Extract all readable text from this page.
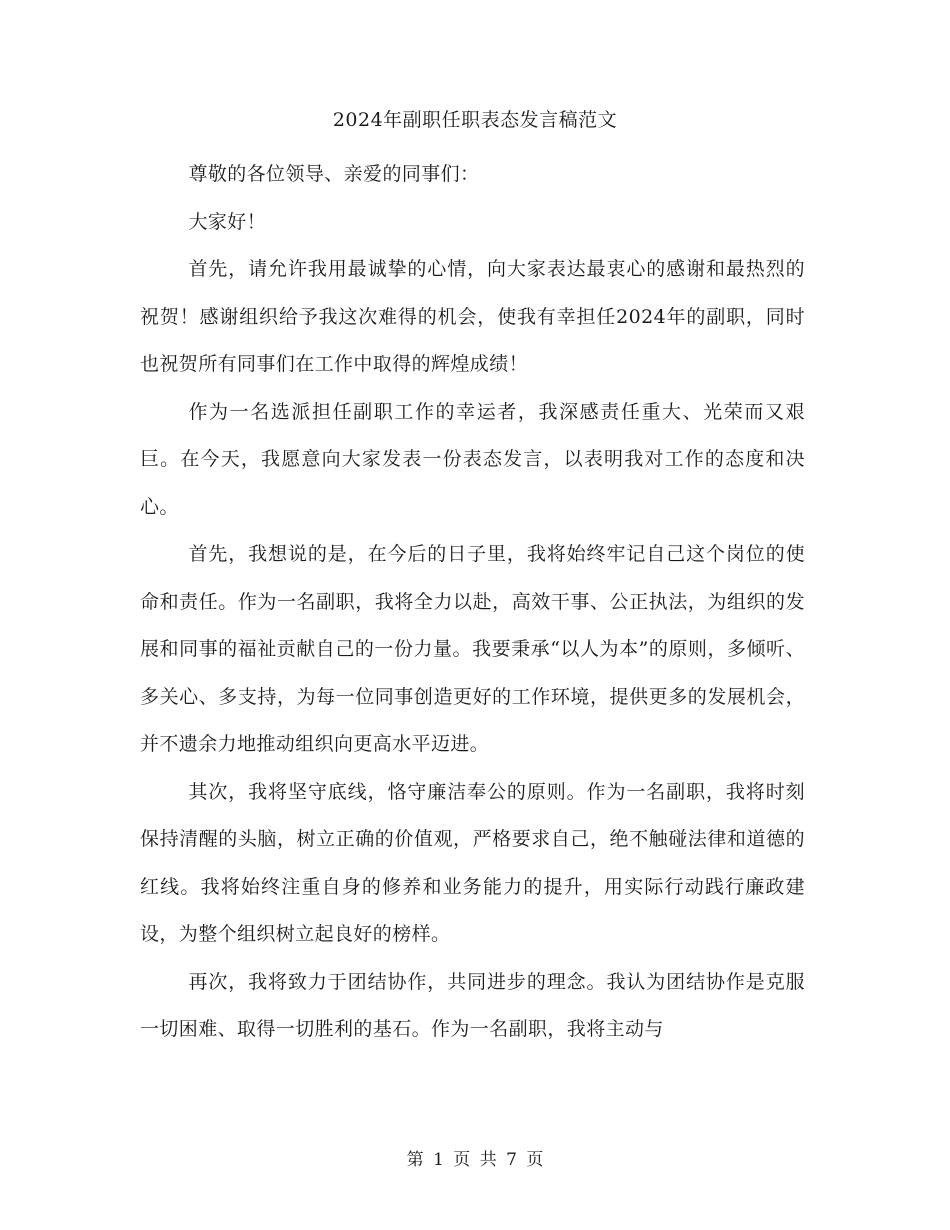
2024年副职任职表态发言稿范文

尊敬的各位领导、亲爱的同事们：

大家好！

首先，请允许我用最诚挚的心情，向大家表达最衷心的感谢和最热烈的祝贺！感谢组织给予我这次难得的机会，使我有幸担任2024年的副职，同时也祝贺所有同事们在工作中取得的辉煌成绩！

作为一名选派担任副职工作的幸运者，我深感责任重大、光荣而又艰巨。在今天，我愿意向大家发表一份表态发言，以表明我对工作的态度和决心。

首先，我想说的是，在今后的日子里，我将始终牢记自己这个岗位的使命和责任。作为一名副职，我将全力以赴，高效干事、公正执法，为组织的发展和同事的福祉贡献自己的一份力量。我要秉承“以人为本”的原则，多倾听、多关心、多支持，为每一位同事创造更好的工作环境，提供更多的发展机会，并不遗余力地推动组织向更高水平迈进。

其次，我将坚守底线，恪守廉洁奉公的原则。作为一名副职，我将时刻保持清醒的头脑，树立正确的价值观，严格要求自己，绝不触碰法律和道德的红线。我将始终注重自身的修养和业务能力的提升，用实际行动践行廉政建设，为整个组织树立起良好的榜样。

再次，我将致力于团结协作，共同进步的理念。我认为团结协作是克服一切困难、取得一切胜利的基石。作为一名副职，我将主动与

第 1 页 共 7 页
